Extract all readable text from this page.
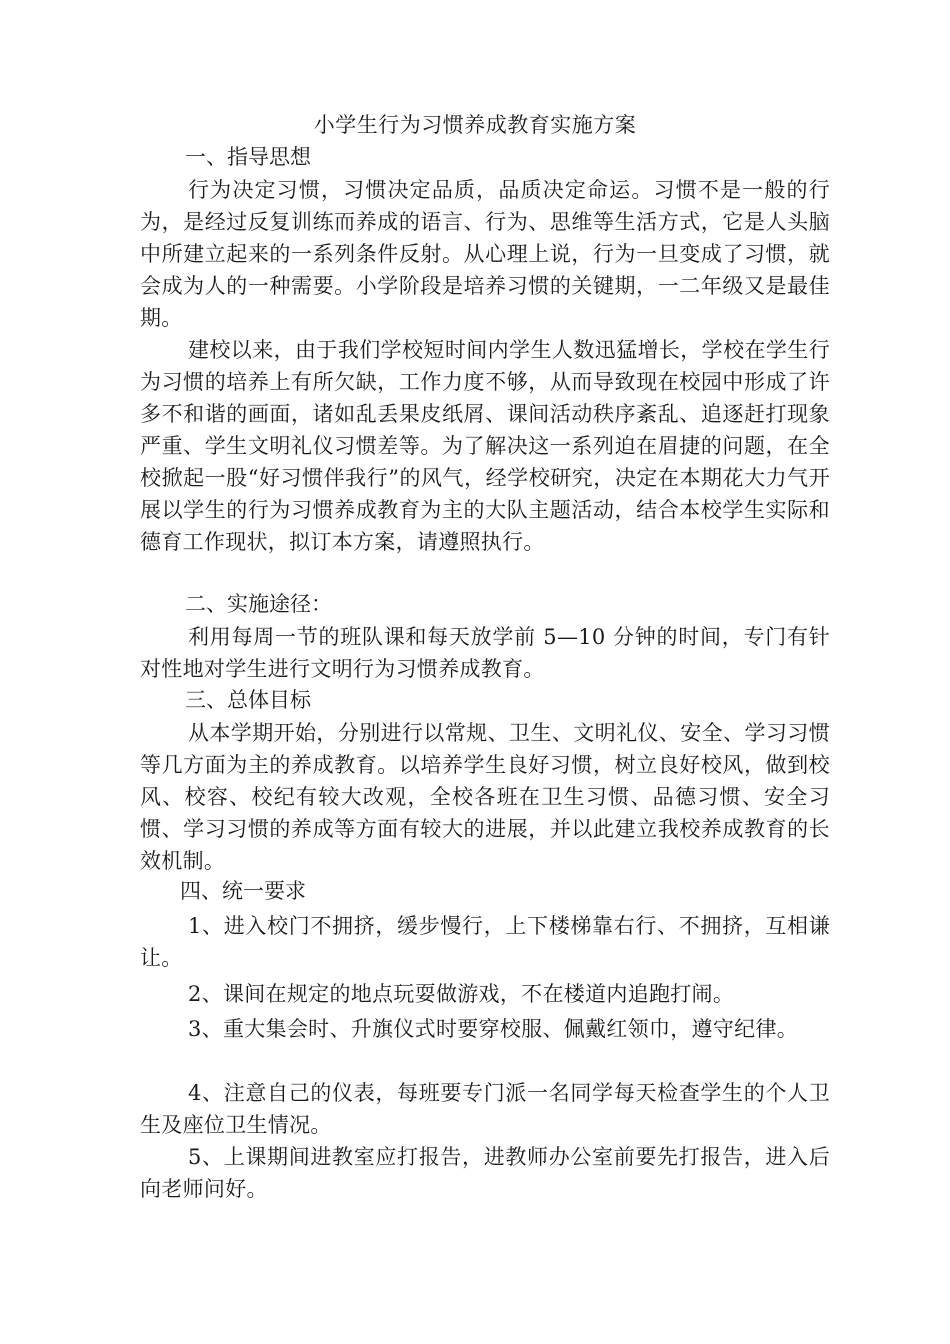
小学生行为习惯养成教育实施方案
一、指导思想

行为决定习惯，习惯决定品质，品质决定命运。习惯不是一般的行为，是经过反复训练而养成的语言、行为、思维等生活方式，它是人头脑中所建立起来的一系列条件反射。从心理上说，行为一旦变成了习惯，就会成为人的一种需要。小学阶段是培养习惯的关键期，一二年级又是最佳期。

建校以来，由于我们学校短时间内学生人数迅猛增长，学校在学生行为习惯的培养上有所欠缺，工作力度不够，从而导致现在校园中形成了许多不和谐的画面，诸如乱丢果皮纸屑、课间活动秩序紊乱、追逐赶打现象严重、学生文明礼仪习惯差等。为了解决这一系列迫在眉捷的问题，在全校掀起一股“好习惯伴我行”的风气，经学校研究，决定在本期花大力气开展以学生的行为习惯养成教育为主的大队主题活动，结合本校学生实际和德育工作现状，拟订本方案，请遵照执行。

二、实施途径：

利用每周一节的班队课和每天放学前 5—10 分钟的时间，专门有针对性地对学生进行文明行为习惯养成教育。

三、总体目标

从本学期开始，分别进行以常规、卫生、文明礼仪、安全、学习习惯等几方面为主的养成教育。以培养学生良好习惯，树立良好校风，做到校风、校容、校纪有较大改观，全校各班在卫生习惯、品德习惯、安全习惯、学习习惯的养成等方面有较大的进展，并以此建立我校养成教育的长效机制。

四、统一要求

1、进入校门不拥挤，缓步慢行，上下楼梯靠右行、不拥挤，互相谦让。

2、课间在规定的地点玩耍做游戏，不在楼道内追跑打闹。

3、重大集会时、升旗仪式时要穿校服、佩戴红领巾，遵守纪律。

4、注意自己的仪表，每班要专门派一名同学每天检查学生的个人卫生及座位卫生情况。

5、上课期间进教室应打报告，进教师办公室前要先打报告，进入后向老师问好。
